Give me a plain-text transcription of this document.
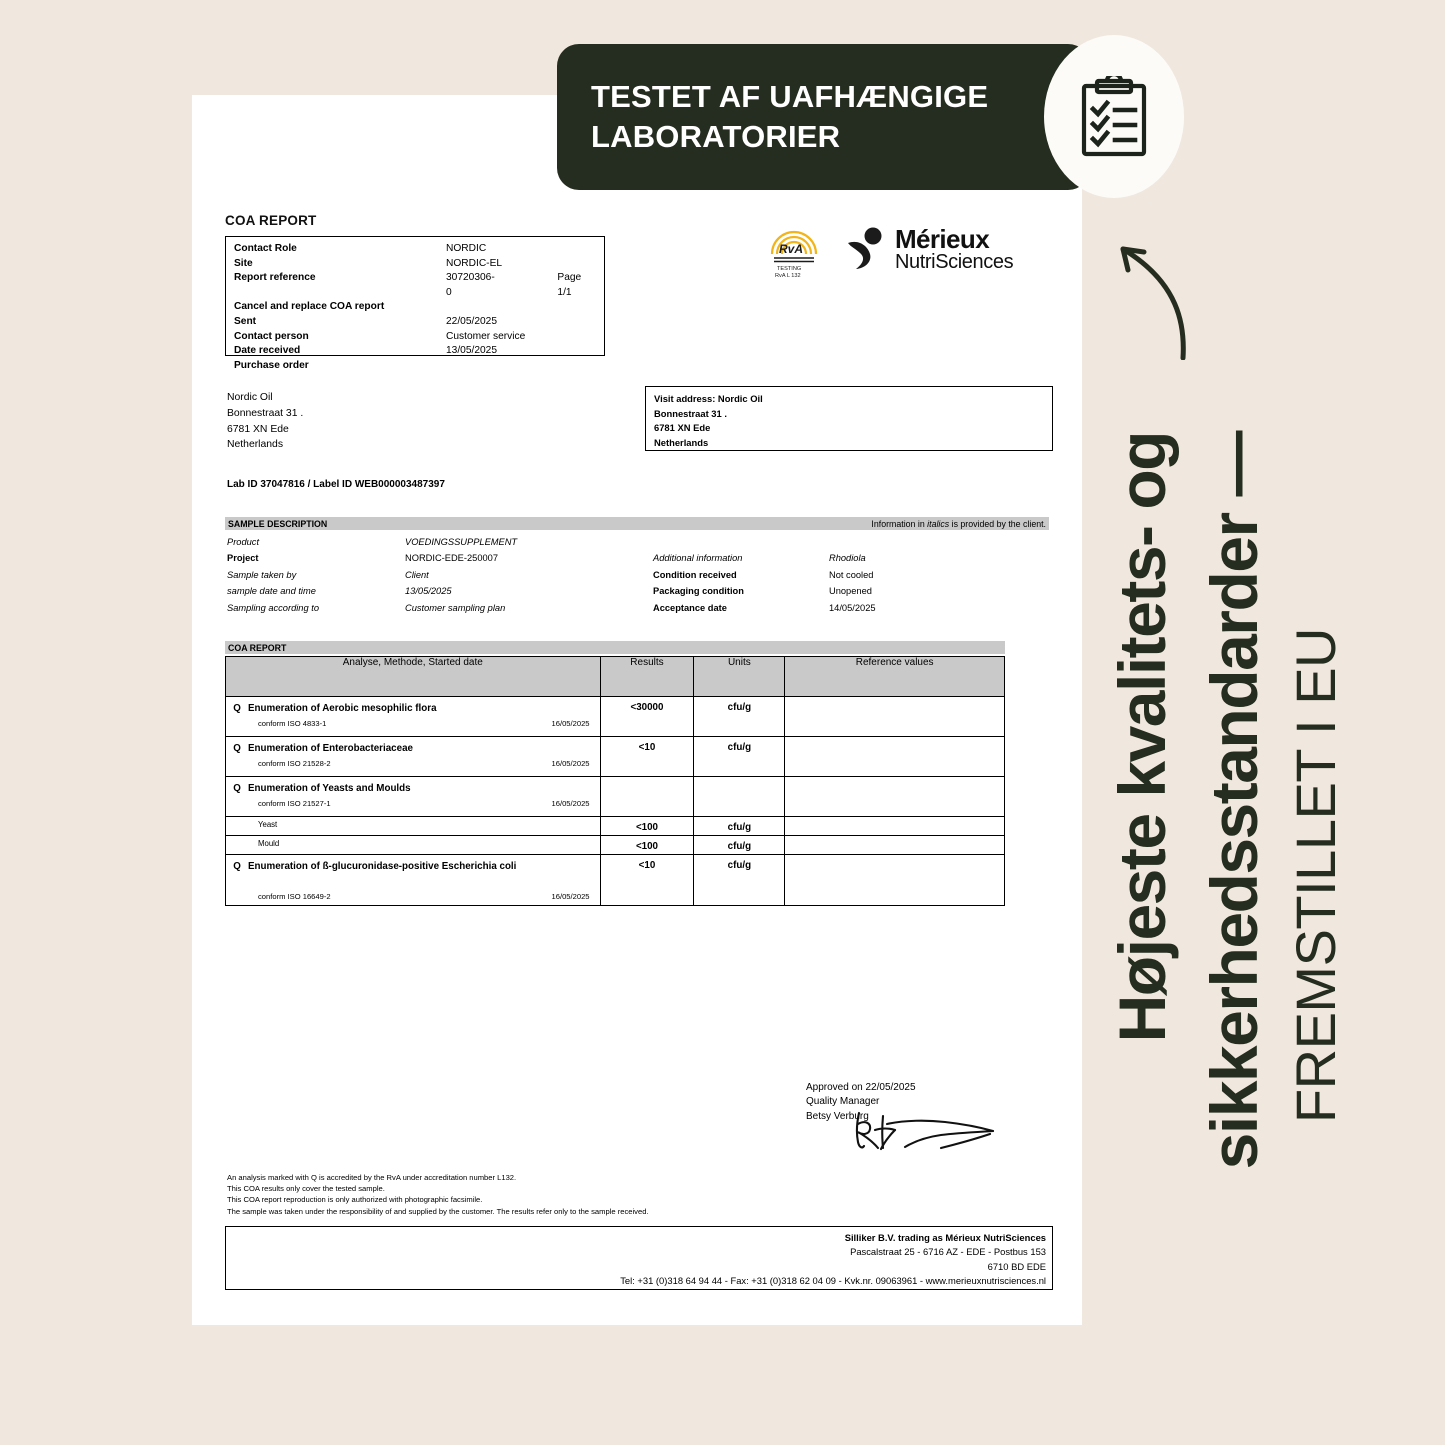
COA REPORT
Contact Role	NORDIC
Site	NORDIC-EL
Report reference	30720306-0
Page 1/1
Cancel and replace COA report
Sent	22/05/2025
Contact person	Customer service
Date received	13/05/2025
Purchase order
RvA
TESTING
RvA L 132
Mérieux
NutriSciences
Nordic Oil
Bonnestraat 31 .
6781 XN Ede
Netherlands
Visit address: Nordic Oil
Bonnestraat 31 .
6781 XN Ede
Netherlands
Lab ID 37047816 / Label ID WEB000003487397
SAMPLE DESCRIPTION	Information in italics is provided by the client.
Product	VOEDINGSSUPPLEMENT
Project	NORDIC-EDE-250007	Additional information	Rhodiola
Sample taken by	Client	Condition received	Not cooled
sample date and time	13/05/2025	Packaging condition	Unopened
Sampling according to	Customer sampling plan	Acceptance date	14/05/2025
COA REPORT
Analyse, Methode, Started date	Results	Units	Reference values

Q Enumeration of Aerobic mesophilic flora
conform ISO 4833-1 16/05/2025	<30000	cfu/g	

Q Enumeration of Enterobacteriaceae
conform ISO 21528-2 16/05/2025	<10	cfu/g	

Q Enumeration of Yeasts and Moulds
conform ISO 21527-1 16/05/2025			

Yeast	<100	cfu/g	
Mould	<100	cfu/g	

Q Enumeration of ß-glucuronidase-positive Escherichia coli
conform ISO 16649-2 16/05/2025	<10	cfu/g	
Approved on 22/05/2025
Quality Manager
Betsy Verburg
An analysis marked with Q is accredited by the RvA under accreditation number L132.
This COA results only cover the tested sample.
This COA report reproduction is only authorized with photographic facsimile.
The sample was taken under the responsibility of and supplied by the customer. The results refer only to the sample received.
Silliker B.V. trading as Mérieux NutriSciences
Pascalstraat 25 - 6716 AZ - EDE - Postbus 153
6710 BD EDE
Tel: +31 (0)318 64 94 44 - Fax: +31 (0)318 62 04 09 - Kvk.nr. 09063961 - www.merieuxnutrisciences.nl
TESTET AF UAFHÆNGIGE
LABORATORIER
Højeste kvalitets- og sikkerhedsstandarder — FREMSTILLET I EU
